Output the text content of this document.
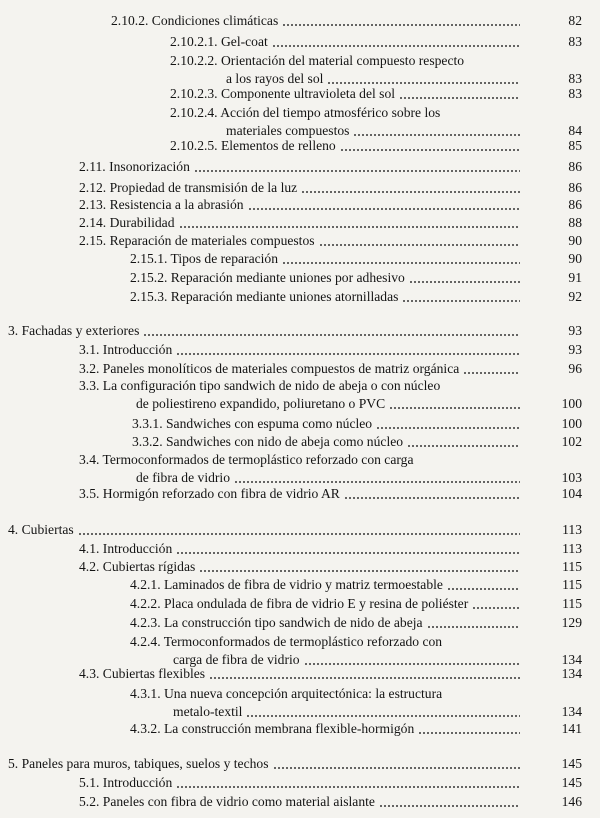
82
2.10.2. Condiciones climáticas
83
2.10.2.1. Gel-coat
83
2.10.2.2. Orientación del material compuesto respecto
a los rayos del sol
83
2.10.2.3. Componente ultravioleta del sol
84
2.10.2.4. Acción del tiempo atmosférico sobre los
materiales compuestos
85
2.10.2.5. Elementos de relleno
86
2.11. Insonorización
86
2.12. Propiedad de transmisión de la luz
86
2.13. Resistencia a la abrasión
88
2.14. Durabilidad
90
2.15. Reparación de materiales compuestos
90
2.15.1. Tipos de reparación
91
2.15.2. Reparación mediante uniones por adhesivo
92
2.15.3. Reparación mediante uniones atornilladas
93
3. Fachadas y exteriores
93
3.1. Introducción
96
3.2. Paneles monolíticos de materiales compuestos de matriz orgánica
100
3.3. La configuración tipo sandwich de nido de abeja o con núcleo
de poliestireno expandido, poliuretano o PVC
100
3.3.1. Sandwiches con espuma como núcleo
102
3.3.2. Sandwiches con nido de abeja como núcleo
103
3.4. Termoconformados de termoplástico reforzado con carga
de fibra de vidrio
104
3.5. Hormigón reforzado con fibra de vidrio AR
113
4. Cubiertas
113
4.1. Introducción
115
4.2. Cubiertas rígidas
115
4.2.1. Laminados de fibra de vidrio y matriz termoestable
115
4.2.2. Placa ondulada de fibra de vidrio E y resina de poliéster
129
4.2.3. La construcción tipo sandwich de nido de abeja
134
4.2.4. Termoconformados de termoplástico reforzado con
carga de fibra de vidrio
134
4.3. Cubiertas flexibles
134
4.3.1. Una nueva concepción arquitectónica: la estructura
metalo-textil
141
4.3.2. La construcción membrana flexible-hormigón
145
5. Paneles para muros, tabiques, suelos y techos
145
5.1. Introducción
146
5.2. Paneles con fibra de vidrio como material aislante
